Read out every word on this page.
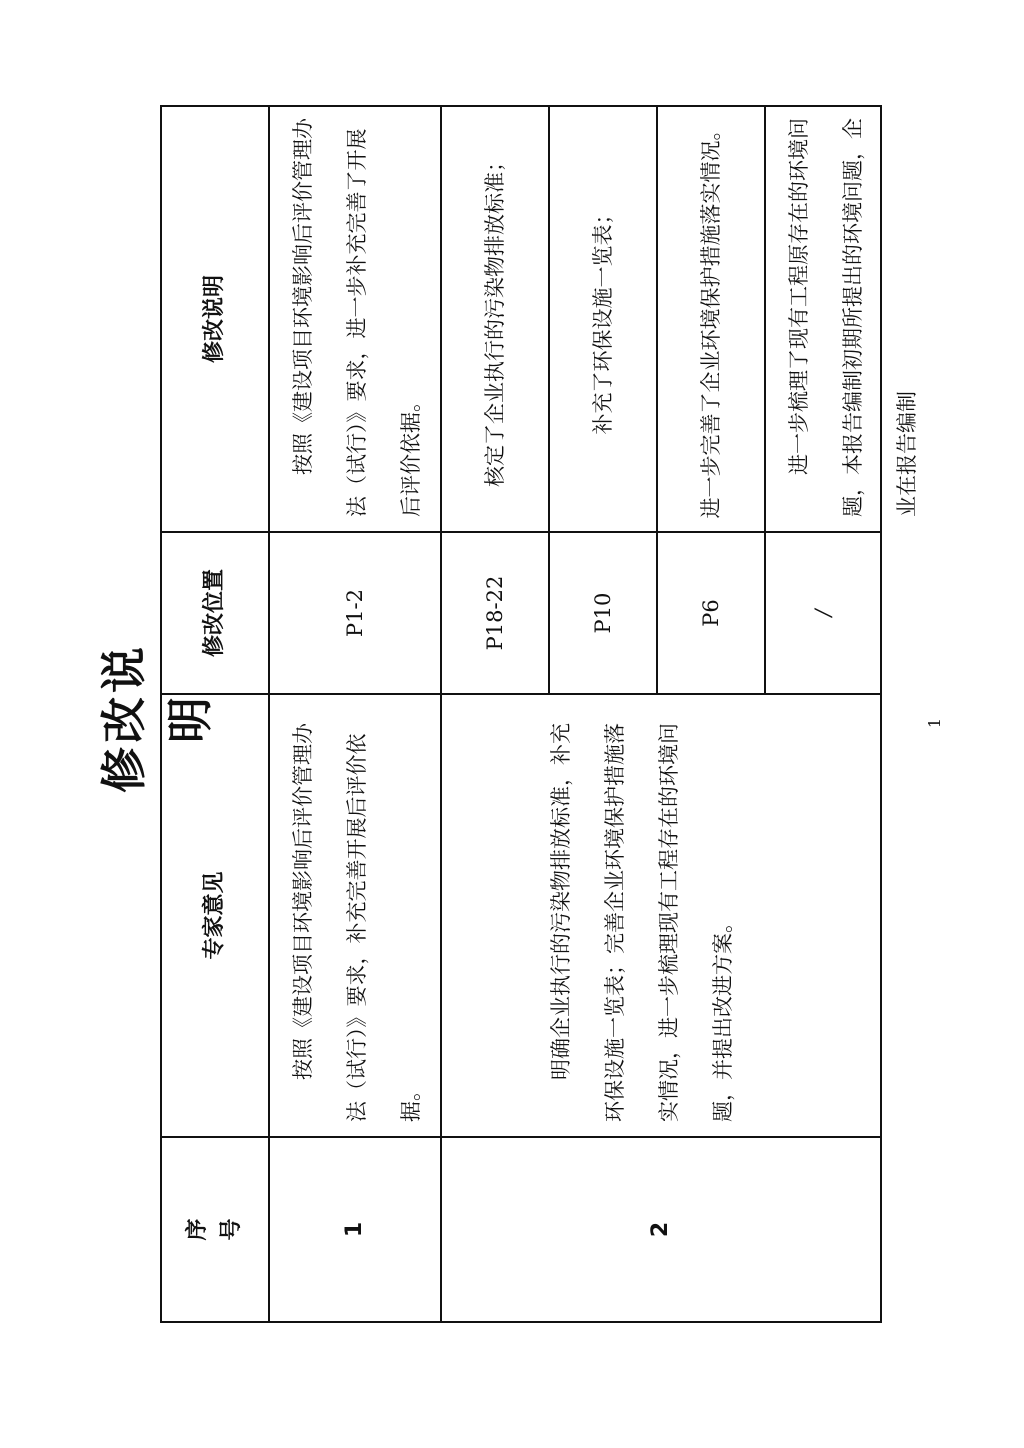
修改说明
序
号
专家意见
修改位置
修改说明
1
按照《建设项目环境影响后评价管理办法（试行）》要求，补充完善开展后评价依据。
P1-2
按照《建设项目环境影响后评价管理办法（试行）》要求，进一步补充完善了开展后评价依据。
2
明确企业执行的污染物排放标准，补充环保设施一览表；完善企业环境保护措施落实情况，进一步梳理现有工程存在的环境问题，并提出改进方案。
P18-22
核定了企业执行的污染物排放标准；
P10
补充了环保设施一览表；
P6
进一步完善了企业环境保护措施落实情况。
/
进一步梳理了现有工程原存在的环境问题，本报告编制初期所提出的环境问题，企业在报告编制
1
